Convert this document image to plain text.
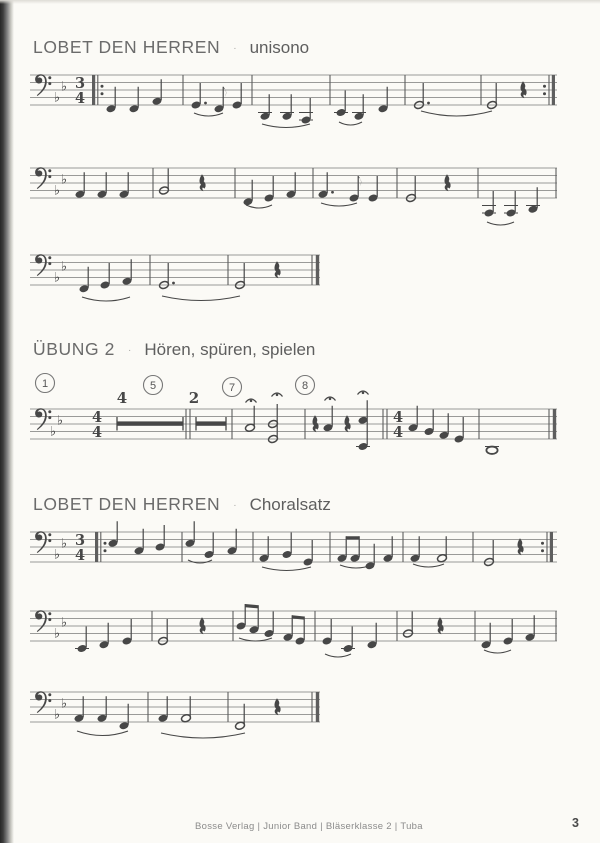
LOBET DEN HERREN · unisono
ÜBUNG 2 · Hören, spüren, spielen
LOBET DEN HERREN · Choralsatz
♭
♭ 3
4
♭
♭
♭
♭
1	5	7	8
♭
♭ 4
4
4	2
4
4
♭
♭ 3
4
♭
♭
♭
♭
Bosse Verlag | Junior Band | Bläserklasse 2 | Tuba	3
